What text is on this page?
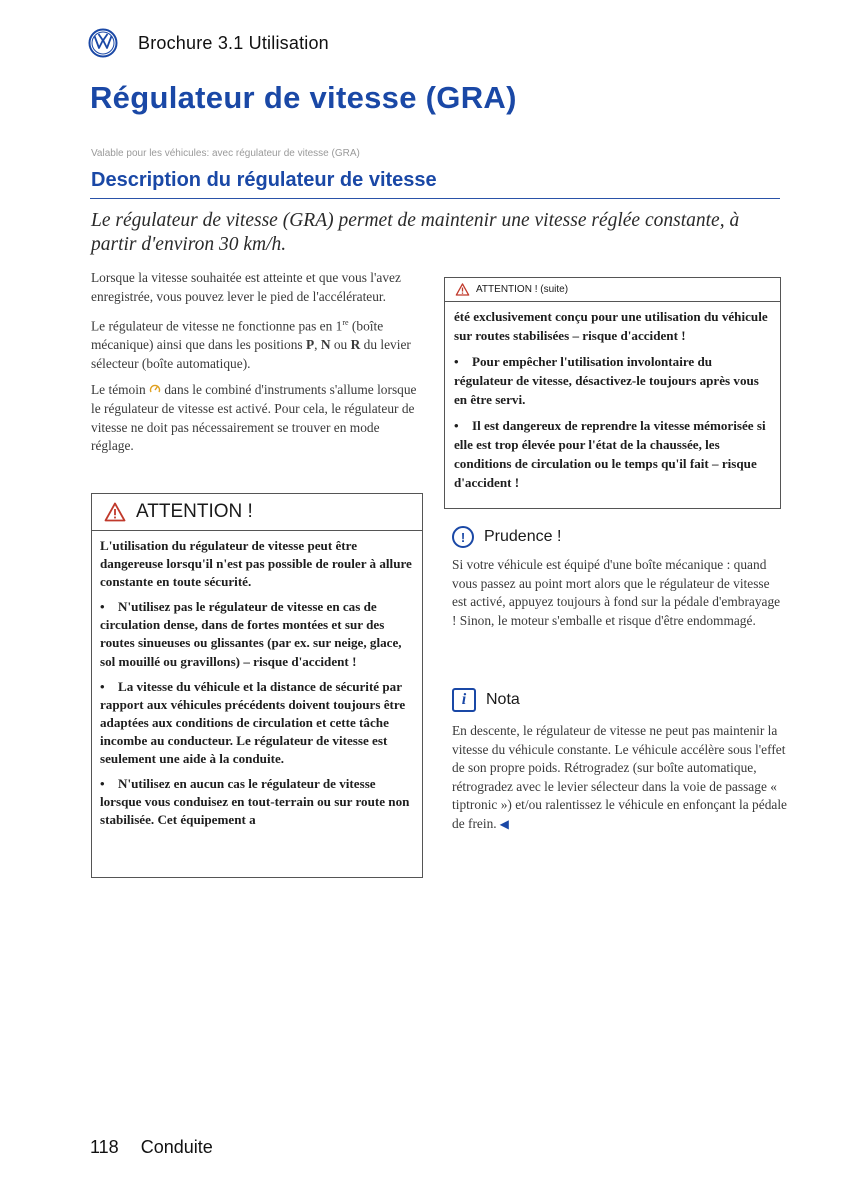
Brochure 3.1 Utilisation
Régulateur de vitesse (GRA)
Valable pour les véhicules: avec régulateur de vitesse (GRA)
Description du régulateur de vitesse

Le régulateur de vitesse (GRA) permet de maintenir une vitesse réglée constante, à partir d'environ 30 km/h.

Lorsque la vitesse souhaitée est atteinte et que vous l'avez enregistrée, vous pouvez lever le pied de l'accélérateur.

Le régulateur de vitesse ne fonctionne pas en 1re (boîte mécanique) ainsi que dans les positions P, N ou R du levier sélecteur (boîte automatique).

Le témoin  dans le combiné d'instruments s'allume lorsque le régulateur de vitesse est activé. Pour cela, le régulateur de vitesse ne doit pas nécessairement se trouver en mode réglage.

ATTENTION !

L'utilisation du régulateur de vitesse peut être dangereuse lorsqu'il n'est pas possible de rouler à allure constante en toute sécurité.

• N'utilisez pas le régulateur de vitesse en cas de circulation dense, dans de fortes montées et sur des routes sinueuses ou glissantes (par ex. sur neige, glace, sol mouillé ou gravillons) – risque d'accident !

• La vitesse du véhicule et la distance de sécurité par rapport aux véhicules précédents doivent toujours être adaptées aux conditions de circulation et cette tâche incombe au conducteur. Le régulateur de vitesse est seulement une aide à la conduite.

• N'utilisez en aucun cas le régulateur de vitesse lorsque vous conduisez en tout-terrain ou sur route non stabilisée. Cet équipement a

ATTENTION ! (suite)

été exclusivement conçu pour une utilisation du véhicule sur routes stabilisées – risque d'accident !

• Pour empêcher l'utilisation involontaire du régulateur de vitesse, désactivez-le toujours après vous en être servi.

• Il est dangereux de reprendre la vitesse mémorisée si elle est trop élevée pour l'état de la chaussée, les conditions de circulation ou le temps qu'il fait – risque d'accident !

!	Prudence !

Si votre véhicule est équipé d'une boîte mécanique : quand vous passez au point mort alors que le régulateur de vitesse est activé, appuyez toujours à fond sur la pédale d'embrayage ! Sinon, le moteur s'emballe et risque d'être endommagé.

i	Nota

En descente, le régulateur de vitesse ne peut pas maintenir la vitesse du véhicule constante. Le véhicule accélère sous l'effet de son propre poids. Rétrogradez (sur boîte automatique, rétrogradez avec le levier sélecteur dans la voie de passage « tiptronic ») et/ou ralentissez le véhicule en enfonçant la pédale de frein. ◀

118 Conduite
